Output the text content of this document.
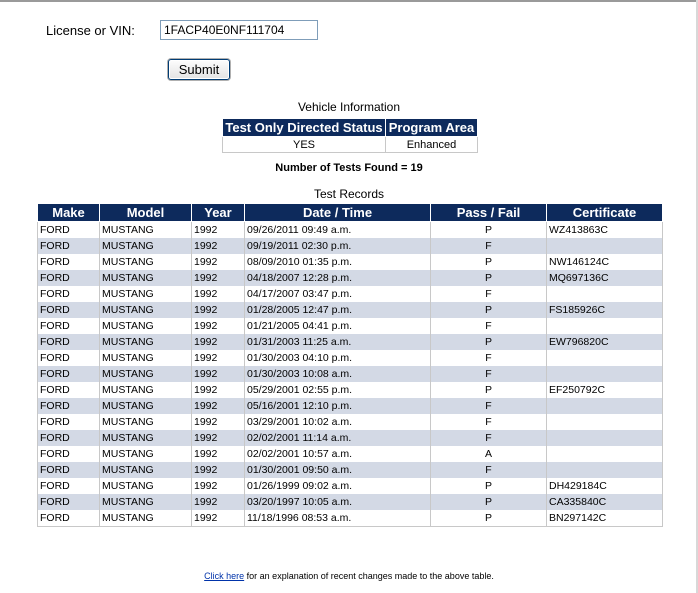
License or VIN:
1FACP40E0NF111704
Submit
Vehicle Information
Test Only Directed Status	Program Area
YES	Enhanced
Number of Tests Found = 19
Test Records
Make	Model	Year	Date / Time	Pass / Fail	Certificate
FORD	MUSTANG	1992	09/26/2011 09:49 a.m.	P	WZ413863C
FORD	MUSTANG	1992	09/19/2011 02:30 p.m.	F	
FORD	MUSTANG	1992	08/09/2010 01:35 p.m.	P	NW146124C
FORD	MUSTANG	1992	04/18/2007 12:28 p.m.	P	MQ697136C
FORD	MUSTANG	1992	04/17/2007 03:47 p.m.	F	
FORD	MUSTANG	1992	01/28/2005 12:47 p.m.	P	FS185926C
FORD	MUSTANG	1992	01/21/2005 04:41 p.m.	F	
FORD	MUSTANG	1992	01/31/2003 11:25 a.m.	P	EW796820C
FORD	MUSTANG	1992	01/30/2003 04:10 p.m.	F	
FORD	MUSTANG	1992	01/30/2003 10:08 a.m.	F	
FORD	MUSTANG	1992	05/29/2001 02:55 p.m.	P	EF250792C
FORD	MUSTANG	1992	05/16/2001 12:10 p.m.	F	
FORD	MUSTANG	1992	03/29/2001 10:02 a.m.	F	
FORD	MUSTANG	1992	02/02/2001 11:14 a.m.	F	
FORD	MUSTANG	1992	02/02/2001 10:57 a.m.	A	
FORD	MUSTANG	1992	01/30/2001 09:50 a.m.	F	
FORD	MUSTANG	1992	01/26/1999 09:02 a.m.	P	DH429184C
FORD	MUSTANG	1992	03/20/1997 10:05 a.m.	P	CA335840C
FORD	MUSTANG	1992	11/18/1996 08:53 a.m.	P	BN297142C
Click here for an explanation of recent changes made to the above table.
